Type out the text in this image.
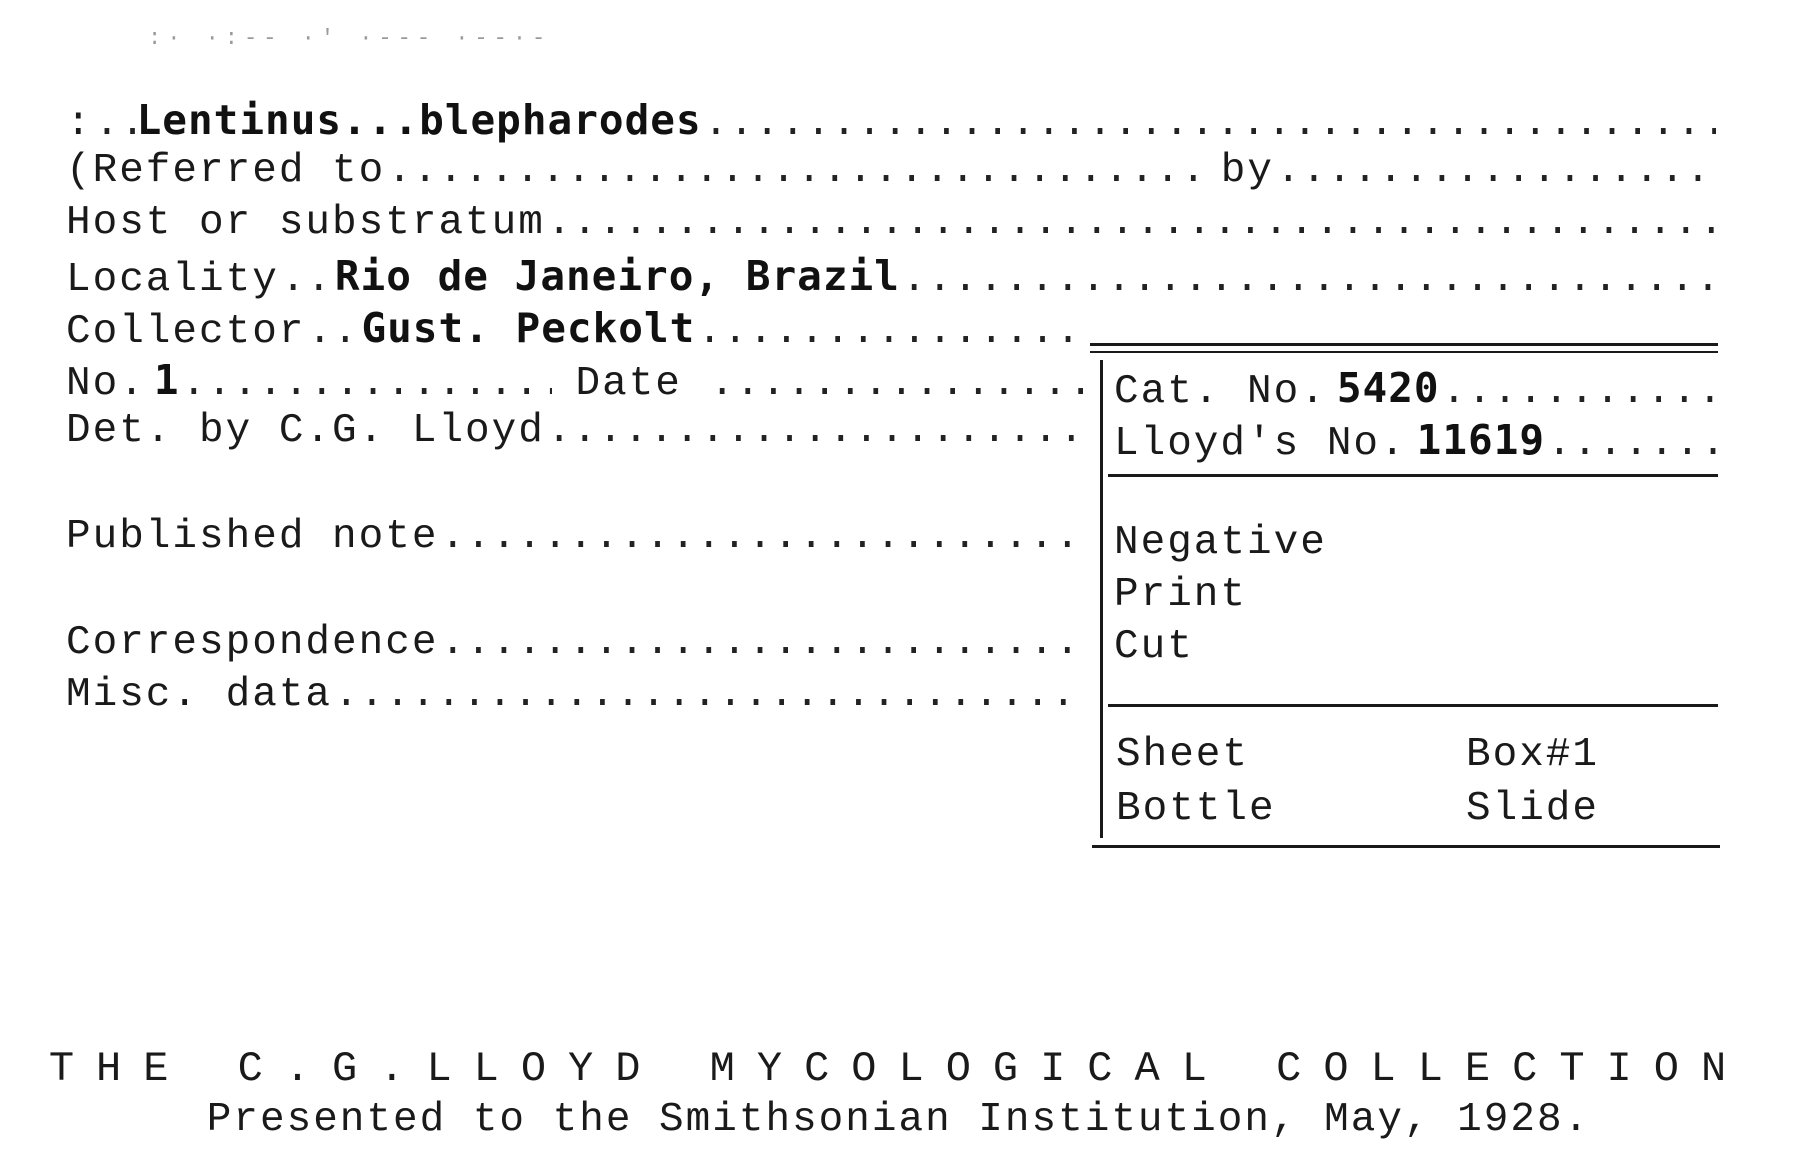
:· ·:-- ·' ·--- ·--·-
: ..... Lentinus...blepharodes
.....
(Referred to .....	by
.....
Host or substratum
.....
Locality ..... Rio de Janeiro, Brazil
.....
Collector ..... Gust. Peckolt
.....
No. 1 .....	Date
.....
Det. by C.G. Lloyd
.....
Published note
.....
Correspondence
.....
Misc. data
.....
Cat. No. 5420
.....
Lloyd's No. 11619
.....
Negative
Print
Cut
Sheet	Box#1
Bottle	Slide
THE C.G.LLOYD MYCOLOGICAL COLLECTION
Presented to the Smithsonian Institution, May, 1928.
